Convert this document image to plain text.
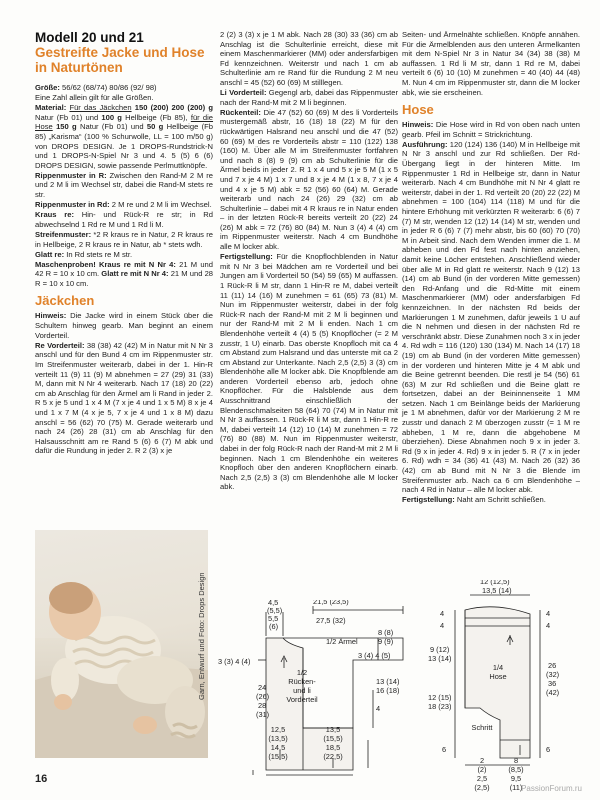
Modell 20 und 21
Gestreifte Jacke und Hose in Naturtönen

Größe: 56/62 (68/74) 80/86 (92/ 98)

Eine Zahl allein gilt für alle Größen.

Material: Für das Jäckchen 150 (200) 200 (200) g Natur (Fb 01) und 100 g Hellbeige (Fb 85), für die Hose 150 g Natur (Fb 01) und 50 g Hellbeige (Fb 85) „Karisma“ (100 % Schurwolle, LL = 100 m/50 g) von DROPS DESIGN. Je 1 DROPS-Rundstrick-N und 1 DROPS-N-Spiel Nr 3 und 4. 5 (5) 6 (6) DROPS DESIGN, sowie passende Perlmuttknöpfe.

Rippenmuster in R: Zwischen den Rand-M 2 M re und 2 M li im Wechsel str, dabei die Rand-M stets re str.

Rippenmuster in Rd: 2 M re und 2 M li im Wechsel.

Kraus re: Hin- und Rück-R re str; in Rd abwechselnd 1 Rd re M und 1 Rd li M.

Streifenmuster: *2 R kraus re in Natur, 2 R kraus re in Hellbeige, 2 R kraus re in Natur, ab * stets wdh.

Glatt re: In Rd stets re M str.

Maschenproben! Kraus re mit N Nr 4: 21 M und 42 R = 10 x 10 cm. Glatt re mit N Nr 4: 21 M und 28 R = 10 x 10 cm.

Jäckchen

Hinweis: Die Jacke wird in einem Stück über die Schultern hinweg gearb. Man beginnt an einem Vorderteil.

Re Vorderteil: 38 (38) 42 (42) M in Natur mit N Nr 3 anschl und für den Bund 4 cm im Rippenmuster str. Im Streifenmuster weiterarb, dabei in der 1. Hin-R verteilt 11 (9) 11 (9) M abnehmen = 27 (29) 31 (33) M, dann mit N Nr 4 weiterarb. Nach 17 (18) 20 (22) cm ab Anschlag für den Ärmel am li Rand in jeder 2. R 5 x je 5 und 1 x 4 M (7 x je 4 und 1 x 5 M) 8 x je 4 und 1 x 7 M (4 x je 5, 7 x je 4 und 1 x 8 M) dazu anschl = 56 (62) 70 (75) M. Gerade weiterarb und nach 24 (26) 28 (31) cm ab Anschlag für den Halsausschnitt am re Rand 5 (6) 6 (7) M abk und dafür die Rundung in jeder 2. R 2 (3) x je

2 (2) 3 (3) x je 1 M abk. Nach 28 (30) 33 (36) cm ab Anschlag ist die Schulterlinie erreicht, diese mit einem Maschenmarkierer (MM) oder andersfarbigen Fd kennzeichnen. Weiterstr und nach 1 cm ab Schulterlinie am re Rand für die Rundung 2 M neu anschl = 45 (52) 60 (69) M stilllegen.

Li Vorderteil: Gegengl arb, dabei das Rippenmuster nach der Rand-M mit 2 M li beginnen.

Rückenteil: Die 47 (52) 60 (69) M des li Vorderteils mustergemäß abstr, 16 (18) 18 (22) M für den rückwärtigen Halsrand neu anschl und die 47 (52) 60 (69) M des re Vorderteils abstr = 110 (122) 138 (160) M. Über alle M im Streifenmuster fortfahren und nach 8 (8) 9 (9) cm ab Schulterlinie für die Ärmel beids in jeder 2. R 1 x 4 und 5 x je 5 M (1 x 5 und 7 x je 4 M) 1 x 7 und 8 x je 4 M (1 x 8, 7 x je 4 und 4 x je 5 M) abk = 52 (56) 60 (64) M. Gerade weiterarb und nach 24 (26) 29 (32) cm ab Schulterlinie – dabei mit 4 R kraus re in Natur enden – in der letzten Rück-R bereits verteilt 20 (22) 24 (26) M abk = 72 (76) 80 (84) M. Nun 3 (4) 4 (4) cm im Rippenmuster weiterstr. Nach 4 cm Bundhöhe alle M locker abk.

Fertigstellung: Für die Knopflochblenden in Natur mit N Nr 3 bei Mädchen am re Vorderteil und bei Jungen am li Vorderteil 50 (54) 59 (65) M auffassen. 1 Rück-R li M str, dann 1 Hin-R re M, dabei verteilt 11 (11) 14 (16) M zunehmen = 61 (65) 73 (81) M. Nun im Rippenmuster weiterstr, dabei in der folg Rück-R nach der Rand-M mit 2 M li beginnen und nur der Rand-M mit 2 M li enden. Nach 1 cm Blendenhöhe verteilt 4 (4) 5 (5) Knopflöcher (= 2 M zusstr, 1 U) einarb. Das oberste Knopfloch mit ca 4 cm Abstand zum Halsrand und das unterste mit ca 2 cm Abstand zur Unterkante. Nach 2,5 (2,5) 3 (3) cm Blendenhöhe alle M locker abk. Die Knopfblende am anderen Vorderteil ebenso arb, jedoch ohne Knopflöcher. Für die Halsblende aus dem Ausschnittrand einschließlich der Blendenschmalseiten 58 (64) 70 (74) M in Natur mit N Nr 3 auffassen. 1 Rück-R li M str, dann 1 Hin-R re M, dabei verteilt 14 (12) 10 (14) M zunehmen = 72 (76) 80 (88) M. Nun im Rippenmuster weiterstr, dabei in der folg Rück-R nach der Rand-M mit 2 M li beginnen. Nach 1 cm Blendenhöhe ein weiteres Knopfloch über den anderen Knopflöchern einarb. Nach 2,5 (2,5) 3 (3) cm Blendenhöhe alle M locker abk.

Seiten- und Ärmelnähte schließen. Knöpfe annähen. Für die Ärmelblenden aus den unteren Ärmelkanten mit dem N-Spiel Nr 3 in Natur 34 (34) 38 (38) M auffassen. 1 Rd li M str, dann 1 Rd re M, dabei verteilt 6 (6) 10 (10) M zunehmen = 40 (40) 44 (48) M. Nun 4 cm im Rippenmuster str, dann die M locker abk, wie sie erscheinen.

Hose

Hinweis: Die Hose wird in Rd von oben nach unten gearb. Pfeil im Schnitt = Strickrichtung.

Ausführung: 120 (124) 136 (140) M in Hellbeige mit N Nr 3 anschl und zur Rd schließen. Der Rd-Übergang liegt in der hinteren Mitte. Im Rippenmuster 1 Rd in Hellbeige str, dann in Natur weiterarb. Nach 4 cm Bundhöhe mit N Nr 4 glatt re weiterstr, dabei in der 1. Rd verteilt 20 (20) 22 (22) M abnehmen = 100 (104) 114 (118) M und für die hintere Erhöhung mit verkürzten R weiterarb: 6 (6) 7 (7) M str, wenden 12 (12) 14 (14) M str, wenden und in jeder R 6 (6) 7 (7) mehr abstr, bis 60 (60) 70 (70) M in Arbeit sind. Nach dem Wenden immer die 1. M abheben und den Fd fest nach hinten anziehen, damit keine Löcher entstehen. Anschließend wieder über alle M in Rd glatt re weiterstr. Nach 9 (12) 13 (14) cm ab Bund (in der vorderen Mitte gemessen) den Rd-Anfang und die Rd-Mitte mit einem Maschenmarkierer (MM) oder andersfarbigen Fd kennzeichnen. In der nächsten Rd beids der Markierungen 1 M zunehmen, dafür jeweils 1 U auf die N nehmen und diesen in der nächsten Rd re verschränkt abstr. Diese Zunahmen noch 3 x in jeder 4. Rd wdh = 116 (120) 130 (134) M. Nach 14 (17) 18 (19) cm ab Bund (in der vorderen Mitte gemessen) in der vorderen und hinteren Mitte je 4 M abk und die Beine getrennt beenden. Die restl je 54 (56) 61 (63) M zur Rd schließen und die Beine glatt re fortsetzen, dabei an der Beininnenseite 1 MM setzen. Nach 1 cm Beinlänge beids der Markierung je 1 M abnehmen, dafür vor der Markierung 2 M re zusstr und danach 2 M überzogen zusstr (= 1 M re abheben, 1 M re, dann die abgehobene M überziehen). Diese Abnahmen noch 9 x in jeder 3. Rd (9 x in jeder 4. Rd) 9 x in jeder 5. R (7 x in jeder 6. Rd) wdh = 34 (36) 41 (43) M. Nach 26 (32) 36 (42) cm ab Bund mit N Nr 3 die Blende im Streifenmuster arb. Nach ca 6 cm Blendenhöhe – nach 4 Rd in Natur – alle M locker abk.

Fertigstellung: Naht am Schritt schließen.

Garn, Entwurf und Foto: Drops Design	4,5
(5,5)
5,5
(6)
21,5 (23,5)
27,5 (32)
3 (3) 4 (4)
1/2 Ärmel
24
(26)
28
(31)
1/2
Rücken-
und li
Vorderteil
8 (8)
9 (9)
3 (4) 4 (5)
13 (14)
16 (18)
4
12,5
(13,5)
14,5
(15,5)
13,5
(15,5)
18,5
(22,5)
12 (12,5)
13,5 (14)
4
4
9 (12)
13 (14)
12 (15)
18 (23)
6
1/4
Hose
4
4
26
(32)
36
(42)
6
8
(8,5)
9,5
(11)
2
(2)
2,5
(2,5)
Schritt
16
PassionForum.ru
